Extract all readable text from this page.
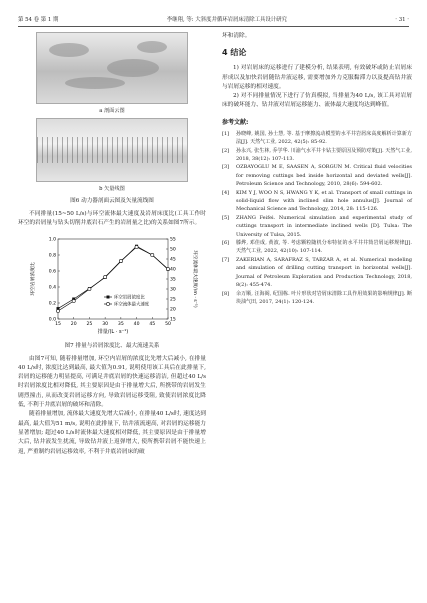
第 54 卷 第 1 期	李继翔, 等: 大斜度井循环岩屑床清除工具设计研究	· 31 ·
a 剖面云图
b 矢量线图
图6 动力器剖面云图及矢量流线图

不同排量(15~50 L/s)与环空流体最大速度及岩屑床度比(工具工作时环空的岩屑量与钻头切削井底岩石产生的岩屑量之比)的关系如图7所示。

15 20 25 30 35 40 45 50
0.0
0.2
0.4
0.6
0.8
1.0
15
20
25
30
35
40
45
50
55
排量/(L · s⁻¹)
环空岩屑浓度比	环空流体最大速度/(m · s⁻¹)
环空岩屑浓度比
环空流体最大速度
图7 排量与岩屑浓度比、最大流速关系

由图7可知, 随着排量增加, 环空内岩屑的浓度比先增大后减小, 在排量40 L/s时, 浓度比达到最高, 最大值为0.91, 说明使用该工具后在此排量下, 岩屑的运移能力明显提高, 可满足井底岩屑的快速运移清洁, 但超过40 L/s时岩屑浓度比相对降低, 其主要原因是由于排量增大后, 所携带的岩屑发生剧烈撞击, 从而改变岩屑运移方向, 导致岩屑运移受阻, 致使岩屑浓度比降低, 不利于井底岩屑的破坏和清除。

随着排量增加, 流体最大速度先增大后减小, 在排量40 L/s时, 速度达到最高, 最大值为51 m/s, 说明在此排量下, 钻井液流速高, 对岩屑的运移能力显著增加; 超过40 L/s时流体最大速度相对降低, 其主要原因是由于排量增大后, 钻井液发生扰流, 导致钻井液上返弹增大, 使所携带岩屑不能快速上返, 严重制约岩屑运移效率, 不利于井底岩屑床的破

坏和清除。

4 结论

1) 对岩屑床的运移进行了建模分析, 结果表明, 有效破坏或防止岩屑床形成以及加快岩屑随钻井液运移, 需要增加外力克服黏滞力以及提高钻井液与岩屑运移的相对速度。

2) 对不同排量情况下进行了仿真模拟, 当排量为40 L/s, 该工具对岩屑床的破坏能力、钻井液对岩屑运移能力、流体最大速度均达到峰值。

参考文献:
[1]	孙晓峰, 姚国, 孙士慧, 等. 基于摩擦流动模型的水平井岩屑床高度解析计算新方法[J]. 天然气工业, 2022, 42(5): 85-92.
[2]	孙永兴, 张生林, 乔学华. 川渝气水平井卡钻主要原因及预防对策[J]. 天然气工业, 2018, 38(12): 107-113.
[3]	OZBAYOGLU M E, SAASEN A, SORGUN M. Critical fluid velocities for removing cuttings bed inside horizontal and deviated wells[J]. Petroleum Science and Technology, 2010, 28(6): 594-602.
[4]	KIM Y J, WOO N S, HWANG Y K, et al. Transport of small cuttings in solid-liquid flow with inclined slim hole annulus[J]. Journal of Mechanical Science and Technology, 2014, 28: 115-126.
[5]	ZHANG Feifei. Numerical simulation and experimental study of cuttings transport in intermediate inclined wells [D]. Tulsa: The University of Tulsa, 2015.
[6]	滕烨, 邓佳成, 黄波, 等. 考虑颗粒随机分布特征的水平井井筒岩屑运移规律[J]. 天然气工业, 2022, 42(10): 107-114.
[7]	ZAKERIAN A, SARAFRAZ S, TABZAR A, et al. Numerical modeling and simulation of drilling cutting transport in horizontal wells[J]. Journal of Petroleum Exploration and Production Technology, 2018, 8(2): 455-474.
[8]	余万顺, 汪海阁, 纪国栋. 叶片形状对岩屑床清除工具作用效果的影响规律[J]. 断块油气田, 2017, 24(1): 120-124.
